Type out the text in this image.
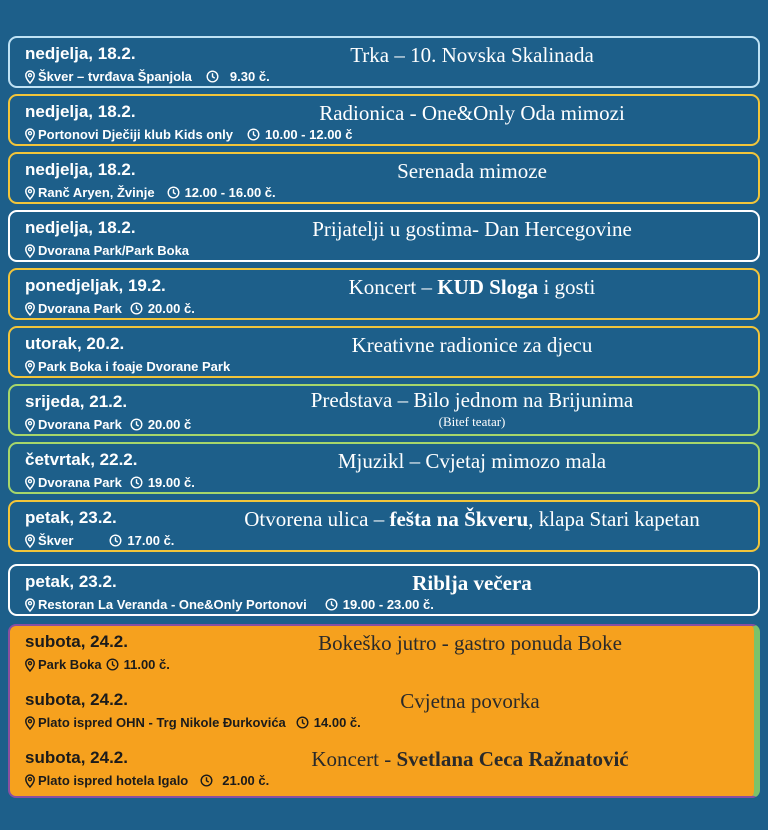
nedjelja, 18.2.	Trka – 10. Novska Skalinada
Škver – tvrđava Španjola	9.30 č.
nedjelja, 18.2.	Radionica - One&Only Oda mimozi
Portonovi Dječiji klub Kids only 10.00 - 12.00 č
nedjelja, 18.2.	Serenada mimoze
Ranč Aryen, Žvinje 12.00 - 16.00 č.
nedjelja, 18.2.	Prijatelji u gostima- Dan Hercegovine
Dvorana Park/Park Boka
ponedjeljak, 19.2.	Koncert – KUD Sloga i gosti
Dvorana Park 20.00 č.
utorak, 20.2.	Kreativne radionice za djecu
Park Boka i foaje Dvorane Park
srijeda, 21.2.	Predstava – Bilo jednom na Brijunima
(Bitef teatar)
Dvorana Park 20.00 č
četvrtak, 22.2.	Mjuzikl – Cvjetaj mimozo mala
Dvorana Park 19.00 č.
petak, 23.2.	Otvorena ulica – fešta na Škveru, klapa Stari kapetan
Škver	17.00 č.
petak, 23.2.	Riblja večera
Restoran La Veranda - One&Only Portonovi	19.00 - 23.00 č.
subota, 24.2.	Bokeško jutro - gastro ponuda Boke
Park Boka 11.00 č.
subota, 24.2.	Cvjetna povorka
Plato ispred OHN - Trg Nikole Đurkovića 14.00 č.
subota, 24.2.	Koncert - Svetlana Ceca Ražnatović
Plato ispred hotela Igalo	21.00 č.
